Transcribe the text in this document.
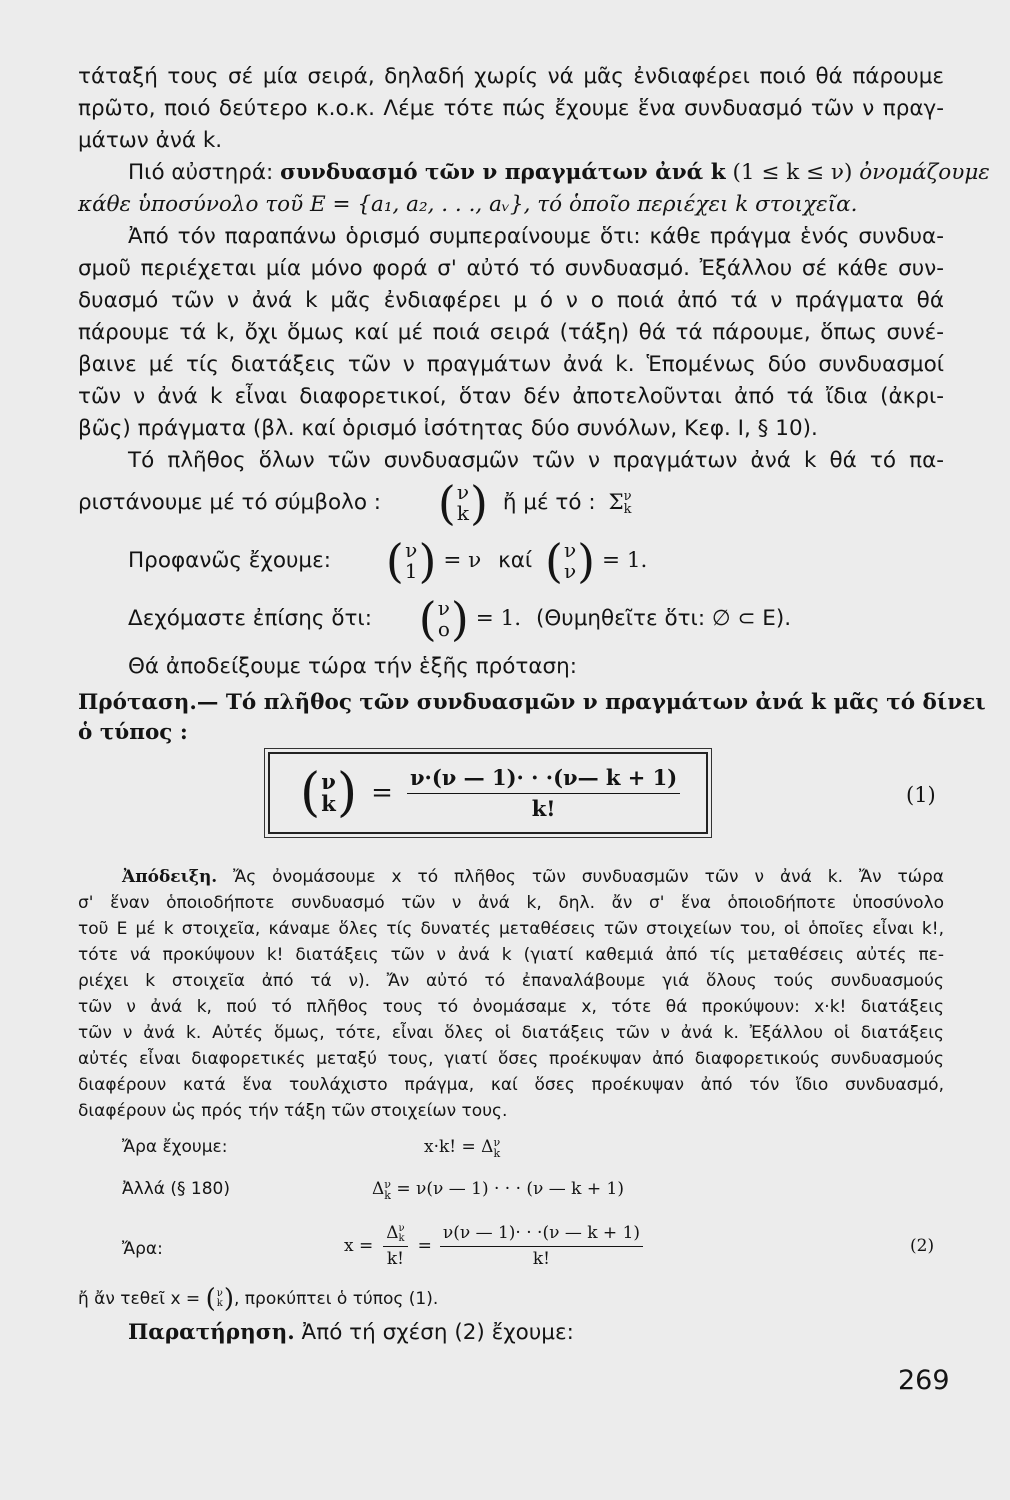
τάταξή τους σέ μία σειρά, δηλαδή χωρίς νά μᾶς ἐνδιαφέρει ποιό θά πάρουμε
πρῶτο, ποιό δεύτερο κ.ο.κ. Λέμε τότε πώς ἔχουμε ἕνα συνδυασμό τῶν ν πραγ-
μάτων ἀνά k.
Πιό αὐστηρά: συνδυασμό τῶν ν πραγμάτων ἀνά k (1 ≤ k ≤ ν) ὀνομάζουμε
κάθε ὑποσύνολο τοῦ E = {a₁, a₂, . . ., aᵥ}, τό ὁποῖο περιέχει k στοιχεῖα.
Ἀπό τόν παραπάνω ὁρισμό συμπεραίνουμε ὅτι: κάθε πράγμα ἑνός συνδυα-
σμοῦ περιέχεται μία μόνο φορά σ' αὐτό τό συνδυασμό. Ἐξάλλου σέ κάθε συν-
δυασμό τῶν ν ἀνά k μᾶς ἐνδιαφέρει μ ό ν ο ποιά ἀπό τά ν πράγματα θά
πάρουμε τά k, ὄχι ὅμως καί μέ ποιά σειρά (τάξη) θά τά πάρουμε, ὅπως συνέ-
βαινε μέ τίς διατάξεις τῶν ν πραγμάτων ἀνά k. Ἑπομένως δύο συνδυασμοί
τῶν ν ἀνά k εἶναι διαφορετικοί, ὅταν δέν ἀποτελοῦνται ἀπό τά ἴδια (ἀκρι-
βῶς) πράγματα (βλ. καί ὁρισμό ἰσότητας δύο συνόλων, Κεφ. I, § 10).
Τό πλῆθος ὅλων τῶν συνδυασμῶν τῶν ν πραγμάτων ἀνά k θά τό πα-
ριστάνουμε μέ τό σύμβολο : ( ν
k ) ἤ μέ τό : Σ ν
k
Προφανῶς ἔχουμε: ( ν
1 ) = ν καί ( ν
ν ) = 1.
Δεχόμαστε ἐπίσης ὅτι: ( ν
o ) = 1. (Θυμηθεῖτε ὅτι: ∅ ⊂ E).
Θά ἀποδείξουμε τώρα τήν ἑξῆς πρόταση:
Πρόταση.— Τό πλῆθος τῶν συνδυασμῶν ν πραγμάτων ἀνά k μᾶς τό δίνει
ὁ τύπος :
( ν
k ) = $\frac{\nu\cdot(\nu — 1)\cdot \cdot \cdot(\nu— k + 1)}{k!}$	(1)
Ἀπόδειξη. Ἄς ὀνομάσουμε x τό πλῆθος τῶν συνδυασμῶν τῶν ν ἀνά k. Ἄν τώρα
σ' ἕναν ὁποιοδήποτε συνδυασμό τῶν ν ἀνά k, δηλ. ἄν σ' ἕνα ὁποιοδήποτε ὑποσύνολο
τοῦ E μέ k στοιχεῖα, κάναμε ὅλες τίς δυνατές μεταθέσεις τῶν στοιχείων του, οἱ ὁποῖες εἶναι k!,
τότε νά προκύψουν k! διατάξεις τῶν ν ἀνά k (γιατί καθεμιά ἀπό τίς μεταθέσεις αὐτές πε-
ριέχει k στοιχεῖα ἀπό τά ν). Ἄν αὐτό τό ἐπαναλάβουμε γιά ὅλους τούς συνδυασμούς
τῶν ν ἀνά k, πού τό πλῆθος τους τό ὀνομάσαμε x, τότε θά προκύψουν: x·k! διατάξεις
τῶν ν ἀνά k. Αὐτές ὅμως, τότε, εἶναι ὅλες οἱ διατάξεις τῶν ν ἀνά k. Ἐξάλλου οἱ διατάξεις
αὐτές εἶναι διαφορετικές μεταξύ τους, γιατί ὅσες προέκυψαν ἀπό διαφορετικούς συνδυασμούς
διαφέρουν κατά ἕνα τουλάχιστο πράγμα, καί ὅσες προέκυψαν ἀπό τόν ἴδιο συνδυασμό,
διαφέρουν ὡς πρός τήν τάξη τῶν στοιχείων τους.
Ἄρα ἔχουμε:	x·k! = Δ ν
k
Ἀλλά (§ 180)	Δ ν
k = ν(ν — 1) · · · (ν — k + 1)
Ἄρα:	x = Δ ν
k
k! = $\frac{\nu(\nu — 1)\cdot \cdot \cdot(\nu — k + 1)}{k!}$	(2)
ἤ ἄν τεθεῖ x = ( ν
k ) , προκύπτει ὁ τύπος (1).
Παρατήρηση. Ἀπό τή σχέση (2) ἔχουμε:
269
